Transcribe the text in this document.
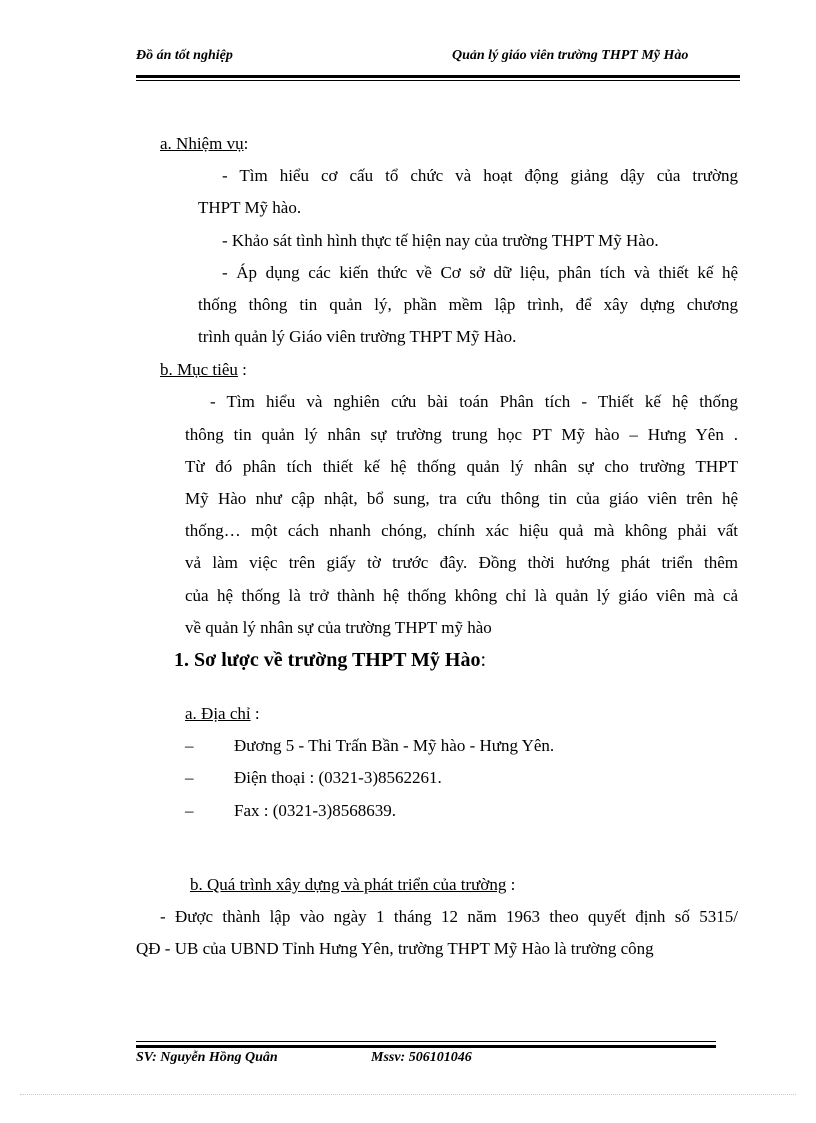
Đồ án tốt nghiệp	Quản lý giáo viên trường THPT Mỹ Hào
a. Nhiệm vụ:
- Tìm hiểu cơ cấu tổ chức và hoạt động giảng dậy của trường
THPT Mỹ hào.
- Khảo sát tình hình thực tế hiện nay của trường THPT Mỹ Hào.
- Áp dụng các kiến thức về Cơ sở dữ liệu, phân tích và thiết kế hệ
thống thông tin quản lý, phần mềm lập trình, để xây dựng chương
trình quản lý Giáo viên trường THPT Mỹ Hào.
b. Mục tiêu :
- Tìm hiểu và nghiên cứu bài toán Phân tích - Thiết kế hệ thống
thông tin quản lý nhân sự trường trung học PT Mỹ hào – Hưng Yên .
Từ đó phân tích thiết kế hệ thống quản lý nhân sự cho trường THPT
Mỹ Hào như cập nhật, bổ sung, tra cứu thông tin của giáo viên trên hệ
thống… một cách nhanh chóng, chính xác hiệu quả mà không phải vất
vả làm việc trên giấy tờ trước đây. Đồng thời hướng phát triển thêm
của hệ thống là trở thành hệ thống không chỉ là quản lý giáo viên mà cả
về quản lý nhân sự của trường THPT mỹ hào
1. Sơ lược về trường THPT Mỹ Hào:
a. Địa chỉ :
– Đương 5 - Thi Trấn Bần - Mỹ hào - Hưng Yên.
– Điện thoại : (0321-3)8562261.
– Fax : (0321-3)8568639.
b. Quá trình xây dựng và phát triển của trường :
- Được thành lập vào ngày 1 tháng 12 năm 1963 theo quyết định số 5315/
QĐ - UB của UBND Tỉnh Hưng Yên, trường THPT Mỹ Hào là trường công
SV: Nguyễn Hồng Quân	Mssv: 506101046
